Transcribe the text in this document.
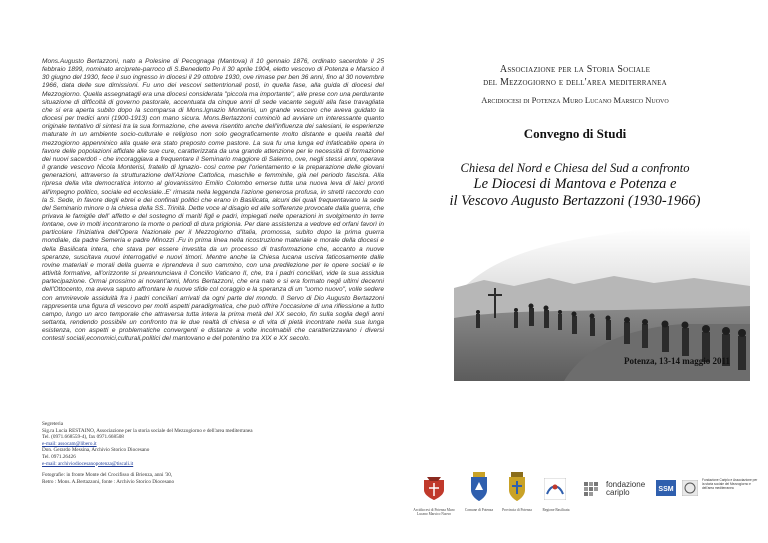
Mons.Augusto Bertazzoni, nato a Polesine di Pecognaga (Mantova) il 10 gennaio 1876, ordinato sacerdote il 25 febbraio 1899, nominato arciprete-parroco di S.Benedetto Po il 30 aprile 1904, eletto vescovo di Potenza e Marsico il 30 giugno del 1930, fece il suo ingresso in diocesi il 29 ottobre 1930, ove rimase per ben 36 anni, fino al 30 novembre 1966, data delle sue dimissioni. Fu uno dei vescovi settentrionali posti, in quella fase, alla guida di diocesi del Mezzogiorno. Quella assegnatagli era una diocesi considerata "piccola ma importante", alle prese con una perdurante situazione di difficoltà di governo pastorale, accentuata da cinque anni di sede vacante seguiti alla fase travagliata che si era aperta subito dopo la scomparsa di Mons.Ignazio Monterisi, un grande vescovo che aveva guidato la diocesi per tredici anni (1900-1913) con mano sicura. Mons.Bertazzoni cominciò ad avviare un interessante quanto originale tentativo di sintesi tra la sua formazione, che aveva risentito anche dell'influenza dei salesiani, le esperienze maturate in un ambiente socio-culturale e religioso non solo geograficamente molto distante e quella realtà del mezzogiorno appenninico alla quale era stato preposto come pastore. La sua fu una lunga ed infaticabile opera in favore delle popolazioni affidate alle sue cure, caratterizzata da una grande attenzione per le necessità di formazione dei nuovi sacerdoti - che incoraggiava a frequentare il Seminario maggiore di Salerno, ove, negli stessi anni, operava il grande vescovo Nicola Monterisi, fratello di Ignazio- così come per l'orientamento e la preparazione delle giovani generazioni, attraverso la strutturazione dell'Azione Cattolica, maschile e femminile, già nel periodo fascista. Alla ripresa della vita democratica intorno al giovanissimo Emilio Colombo emerse tutta una nuova leva di laici pronti all'impegno politico, sociale ed ecclesiale..E' rimasta nella leggenda l'azione generosa profusa, in stretti raccordo con la S. Sede, in favore degli ebrei e dei confinati politici che erano in Basilicata, alcuni dei quali frequentavano la sede del Seminario minore o la chiesa della SS..Trinità. Dette voce al disagio ed alle sofferenze provocate dalla guerra, che privava le famiglie dell' affetto e del sostegno di mariti figli e padri, impiegati nelle operazioni in svolgimento in terre lontane, ove in molti incontrarono la morte o periodi di dura prigionia. Per dare assistenza a vedove ed orfani favorì in particolare l'iniziativa dell'Opera Nazionale per il Mezzogiorno d'Italia, promossa, subito dopo la prima guerra mondiale, da padre Semeria e padre Minozzi .Fu in prima linea nella ricostruzione materiale e morale della diocesi e della Basilicata intera, che stava per essere investita da un processo di trasformazione che, accanto a nuove speranze, suscitava nuovi interrogativi e nuovi timori. Mentre anche la Chiesa lucana usciva faticosamente dalle rovine materiali e morali della guerra e riprendeva il suo cammino, con una predilezione per le opere sociali e le attività formative, all'orizzonte si preannunciava il Concilio Vaticano II, che, tra i padri conciliari, vide la sua assidua partecipazione. Ormai prossimo ai novant'anni, Mons Bertazzoni, che era nato e si era formato negli ultimi decenni dell'Ottocento, ma aveva saputo affrontare le nuove sfide col coraggio e la speranza di un "uomo nuovo", volle sedere con ammirevole assiduità fra i padri conciliari arrivati da ogni parte del mondo. Il Servo di Dio Augusto Bertazzoni rappresenta una figura di vescovo per molti aspetti paradigmatica, che può offrire l'occasione di una riflessione a tutto campo, lungo un arco temporale che attraversa tutta intera la prima metà del XX secolo, fin sulla soglia degli anni settanta, rendendo possibile un confronto tra le due realtà di chiesa e di vita di pietà incontrate nella sua lunga esistenza, con aspetti e problematiche convergenti e distanze a volte incolmabili che caratterizzavano i diversi contesti sociali,economici,culturali,politici del mantovano e del potentino tra XIX e XX secolo.

Segreteria
Sig.ra Lucia RESTAINO, Associazione per la storia sociale del Mezzogiorno e dell'area mediterranea
Tel. (0971.668559-4), fax 0971.668508
e-mail: assocam@libero.it
Don. Gerardo Messina, Archivio Storico Diocesano
Tel. 0971.26426
e-mail: archiviodiocesanopotenza@tiscali.it
Fotografie: in fronte Monte del Crocifisso di Brienza, anni '30,
Retro : Mons. A.Bertazzoni, fonte : Archivio Storico Diocesano
Associazione per la Storia Sociale
del Mezzogiorno e dell'area mediterranea
Arcidiocesi di Potenza Muro Lucano Marsico Nuovo
Convegno di Studi
Chiesa del Nord e Chiesa del Sud a confronto
Le Diocesi di Mantova e Potenza e
il Vescovo Augusto Bertazzoni (1930-1966)
Potenza, 13-14 maggio 2011
fondazione
cariplo	SSM
Fondazione Cariplo e Associazione per la storia sociale del Mezzogiorno e dell'area mediterranea
Arcidiocesi di Potenza Muro Lucano Marsico Nuovo
Comune di Potenza	Provincia di Potenza	Regione Basilicata
